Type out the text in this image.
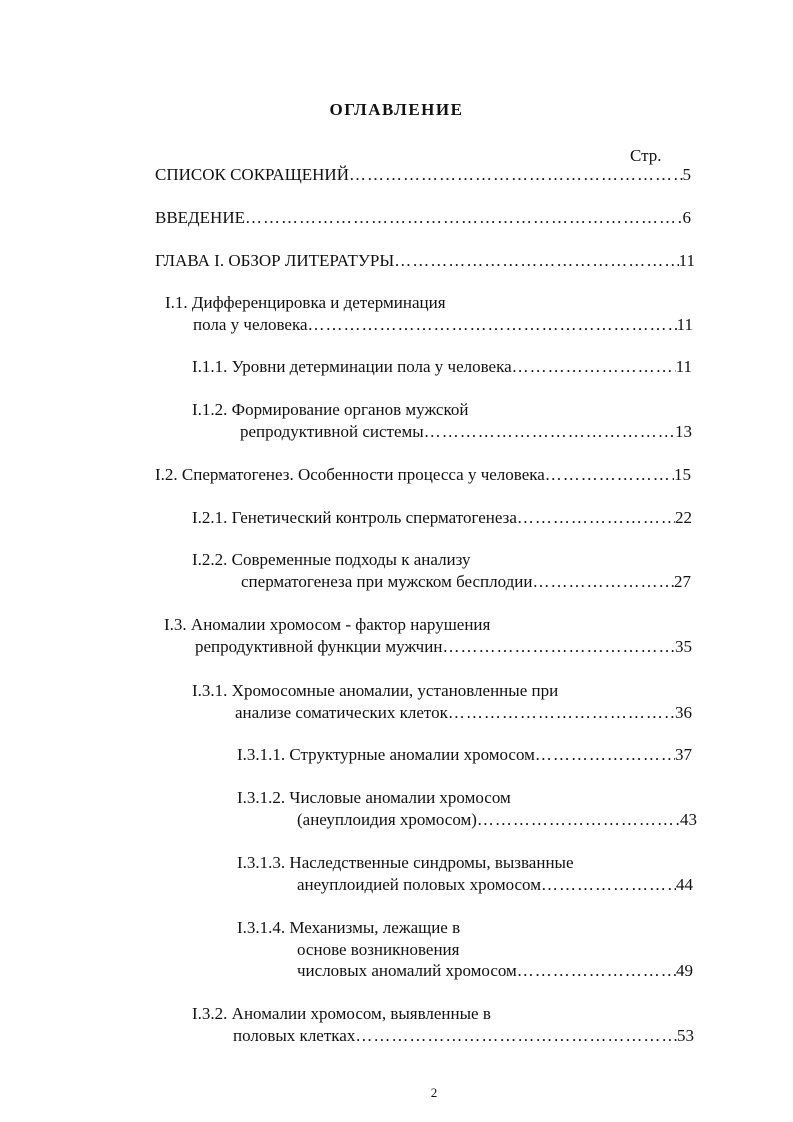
ОГЛАВЛЕНИЕ
Стр.
СПИСОК СОКРАЩЕНИЙ …………………………………………………………………………………………………………………………………………………………	5
ВВЕДЕНИЕ …………………………………………………………………………………………………………………………………………………………	6
ГЛАВА I. ОБЗОР ЛИТЕРАТУРЫ …………………………………………………………………………………………………………………………………………………………	11
I.1. Дифференцировка и детерминация
пола у человека …………………………………………………………………………………………………………………………………………………………	11
I.1.1. Уровни детерминации пола у человека …………………………………………………………………………………………………………………………………………………………	11
I.1.2. Формирование органов мужской
репродуктивной системы …………………………………………………………………………………………………………………………………………………………	13
I.2. Сперматогенез. Особенности процесса у человека …………………………………………………………………………………………………………………………………………………………	15
I.2.1. Генетический контроль сперматогенеза …………………………………………………………………………………………………………………………………………………………	22
I.2.2. Современные подходы к анализу
сперматогенеза при мужском бесплодии …………………………………………………………………………………………………………………………………………………………	27
I.3. Аномалии хромосом - фактор нарушения
репродуктивной функции мужчин …………………………………………………………………………………………………………………………………………………………	35
I.3.1. Хромосомные аномалии, установленные при
анализе соматических клеток …………………………………………………………………………………………………………………………………………………………	36
I.3.1.1. Структурные аномалии хромосом …………………………………………………………………………………………………………………………………………………………	37
I.3.1.2. Числовые аномалии хромосом
(анеуплоидия хромосом) …………………………………………………………………………………………………………………………………………………………	43
I.3.1.3. Наследственные синдромы, вызванные
анеуплоидией половых хромосом …………………………………………………………………………………………………………………………………………………………	44
I.3.1.4. Механизмы, лежащие в
основе возникновения
числовых аномалий хромосом …………………………………………………………………………………………………………………………………………………………	49
I.3.2. Аномалии хромосом, выявленные в
половых клетках …………………………………………………………………………………………………………………………………………………………	53
2
